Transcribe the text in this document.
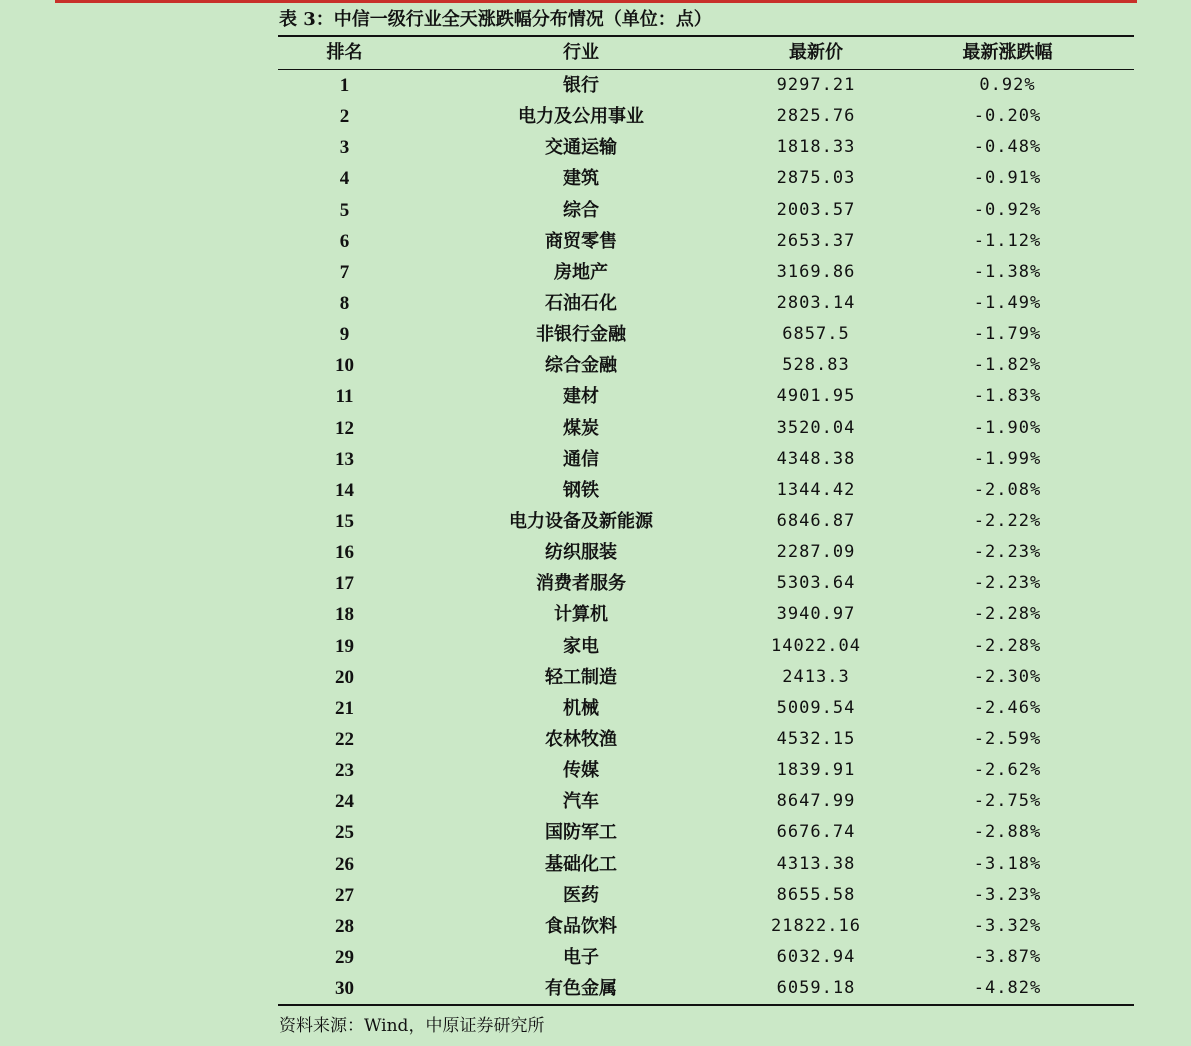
表 3：中信一级行业全天涨跌幅分布情况（单位：点）
排名	行业	最新价	最新涨跌幅
1	银行	9297.21	0.92%
2	电力及公用事业	2825.76	-0.20%
3	交通运输	1818.33	-0.48%
4	建筑	2875.03	-0.91%
5	综合	2003.57	-0.92%
6	商贸零售	2653.37	-1.12%
7	房地产	3169.86	-1.38%
8	石油石化	2803.14	-1.49%
9	非银行金融	6857.5	-1.79%
10	综合金融	528.83	-1.82%
11	建材	4901.95	-1.83%
12	煤炭	3520.04	-1.90%
13	通信	4348.38	-1.99%
14	钢铁	1344.42	-2.08%
15	电力设备及新能源	6846.87	-2.22%
16	纺织服装	2287.09	-2.23%
17	消费者服务	5303.64	-2.23%
18	计算机	3940.97	-2.28%
19	家电	14022.04	-2.28%
20	轻工制造	2413.3	-2.30%
21	机械	5009.54	-2.46%
22	农林牧渔	4532.15	-2.59%
23	传媒	1839.91	-2.62%
24	汽车	8647.99	-2.75%
25	国防军工	6676.74	-2.88%
26	基础化工	4313.38	-3.18%
27	医药	8655.58	-3.23%
28	食品饮料	21822.16	-3.32%
29	电子	6032.94	-3.87%
30	有色金属	6059.18	-4.82%
资料来源：Wind，中原证券研究所
